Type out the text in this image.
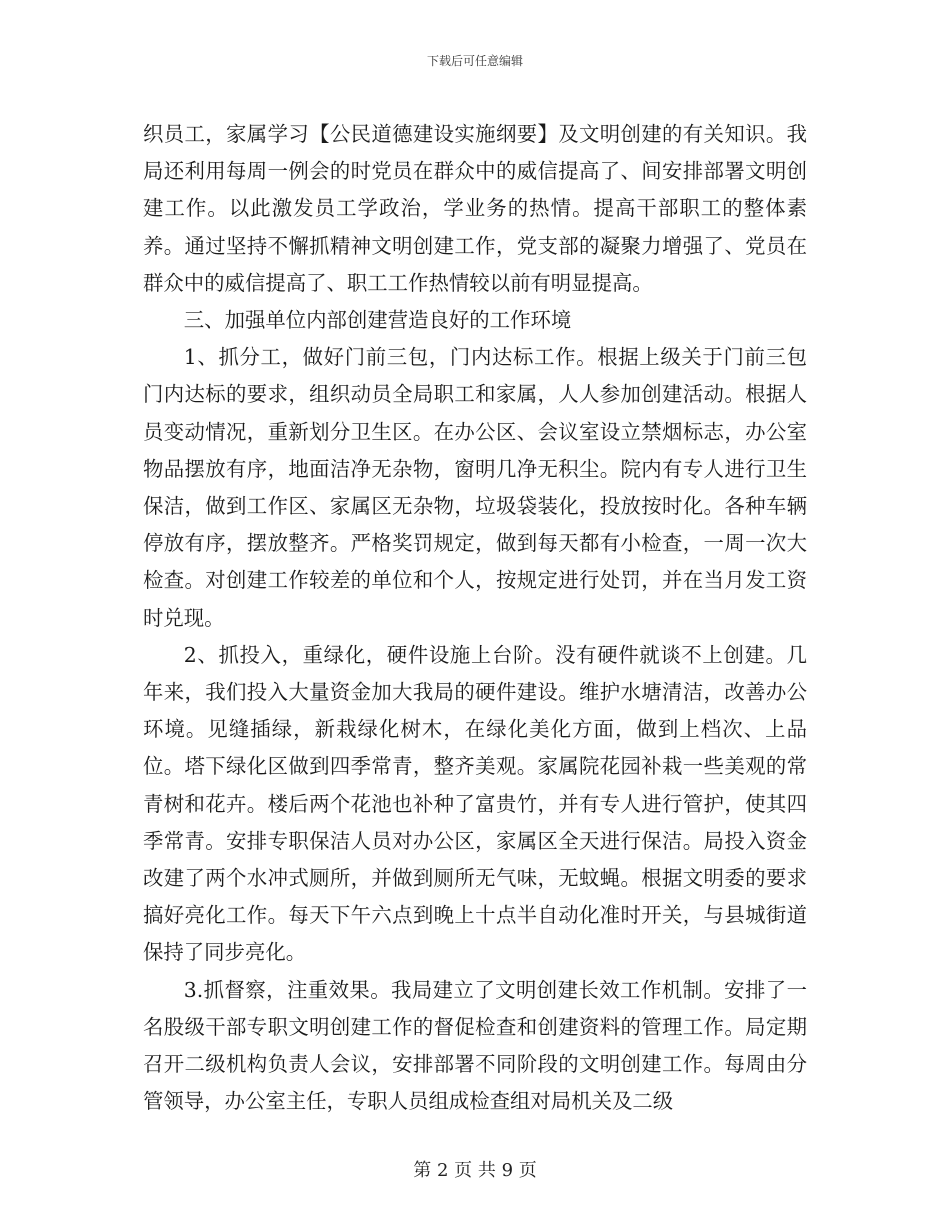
下载后可任意编辑

织员工，家属学习【公民道德建设实施纲要】及文明创建的有关知识。我局还利用每周一例会的时党员在群众中的威信提高了、间安排部署文明创建工作。以此激发员工学政治，学业务的热情。提高干部职工的整体素养。通过坚持不懈抓精神文明创建工作，党支部的凝聚力增强了、党员在群众中的威信提高了、职工工作热情较以前有明显提高。

三、加强单位内部创建营造良好的工作环境

1、抓分工，做好门前三包，门内达标工作。根据上级关于门前三包门内达标的要求，组织动员全局职工和家属，人人参加创建活动。根据人员变动情况，重新划分卫生区。在办公区、会议室设立禁烟标志，办公室物品摆放有序，地面洁净无杂物，窗明几净无积尘。院内有专人进行卫生保洁，做到工作区、家属区无杂物，垃圾袋装化，投放按时化。各种车辆停放有序，摆放整齐。严格奖罚规定，做到每天都有小检查，一周一次大检查。对创建工作较差的单位和个人，按规定进行处罚，并在当月发工资时兑现。

2、抓投入，重绿化，硬件设施上台阶。没有硬件就谈不上创建。几年来，我们投入大量资金加大我局的硬件建设。维护水塘清洁，改善办公环境。见缝插绿，新栽绿化树木，在绿化美化方面，做到上档次、上品位。塔下绿化区做到四季常青，整齐美观。家属院花园补栽一些美观的常青树和花卉。楼后两个花池也补种了富贵竹，并有专人进行管护，使其四季常青。安排专职保洁人员对办公区，家属区全天进行保洁。局投入资金改建了两个水冲式厕所，并做到厕所无气味，无蚊蝇。根据文明委的要求搞好亮化工作。每天下午六点到晚上十点半自动化准时开关，与县城街道保持了同步亮化。

3.抓督察，注重效果。我局建立了文明创建长效工作机制。安排了一名股级干部专职文明创建工作的督促检查和创建资料的管理工作。局定期召开二级机构负责人会议，安排部署不同阶段的文明创建工作。每周由分管领导，办公室主任，专职人员组成检查组对局机关及二级

第 2 页 共 9 页
